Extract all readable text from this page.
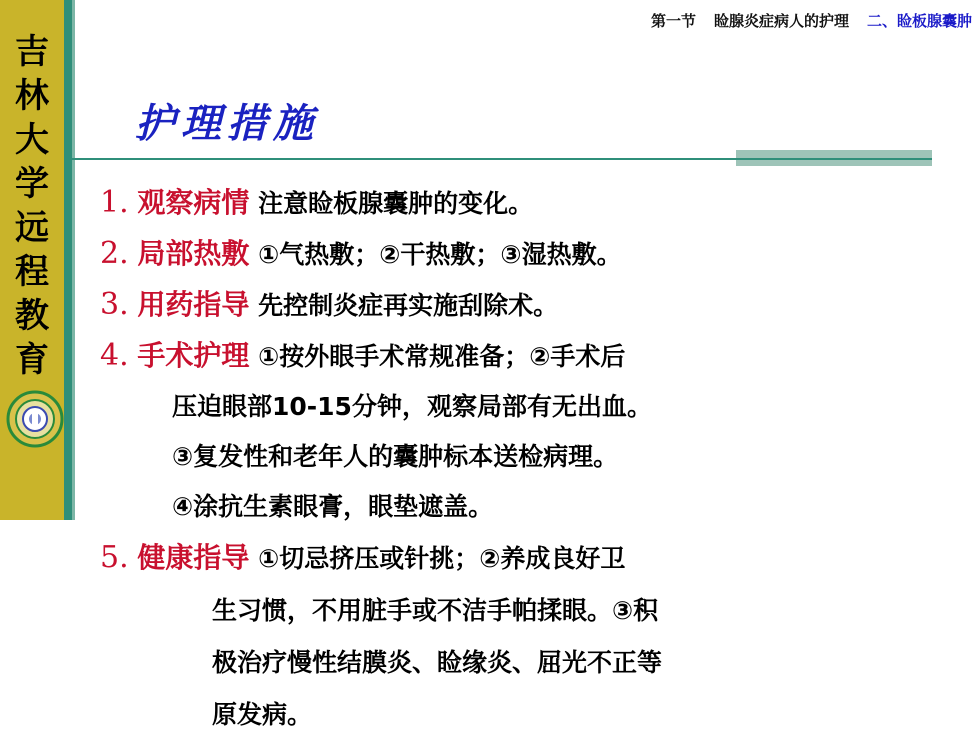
吉
林
大
学
远
程
教
育
第一节 睑腺炎症病人的护理 二、睑板腺囊肿
护理措施
1. 观察病情 注意睑板腺囊肿的变化。
2. 局部热敷 ①气热敷；②干热敷；③湿热敷。
3. 用药指导 先控制炎症再实施刮除术。
4. 手术护理 ①按外眼手术常规准备；②手术后
压迫眼部10-15分钟，观察局部有无出血。
③复发性和老年人的囊肿标本送检病理。
④涂抗生素眼膏，眼垫遮盖。
5. 健康指导 ①切忌挤压或针挑；②养成良好卫
生习惯，不用脏手或不洁手帕揉眼。③积
极治疗慢性结膜炎、睑缘炎、屈光不正等
原发病。
